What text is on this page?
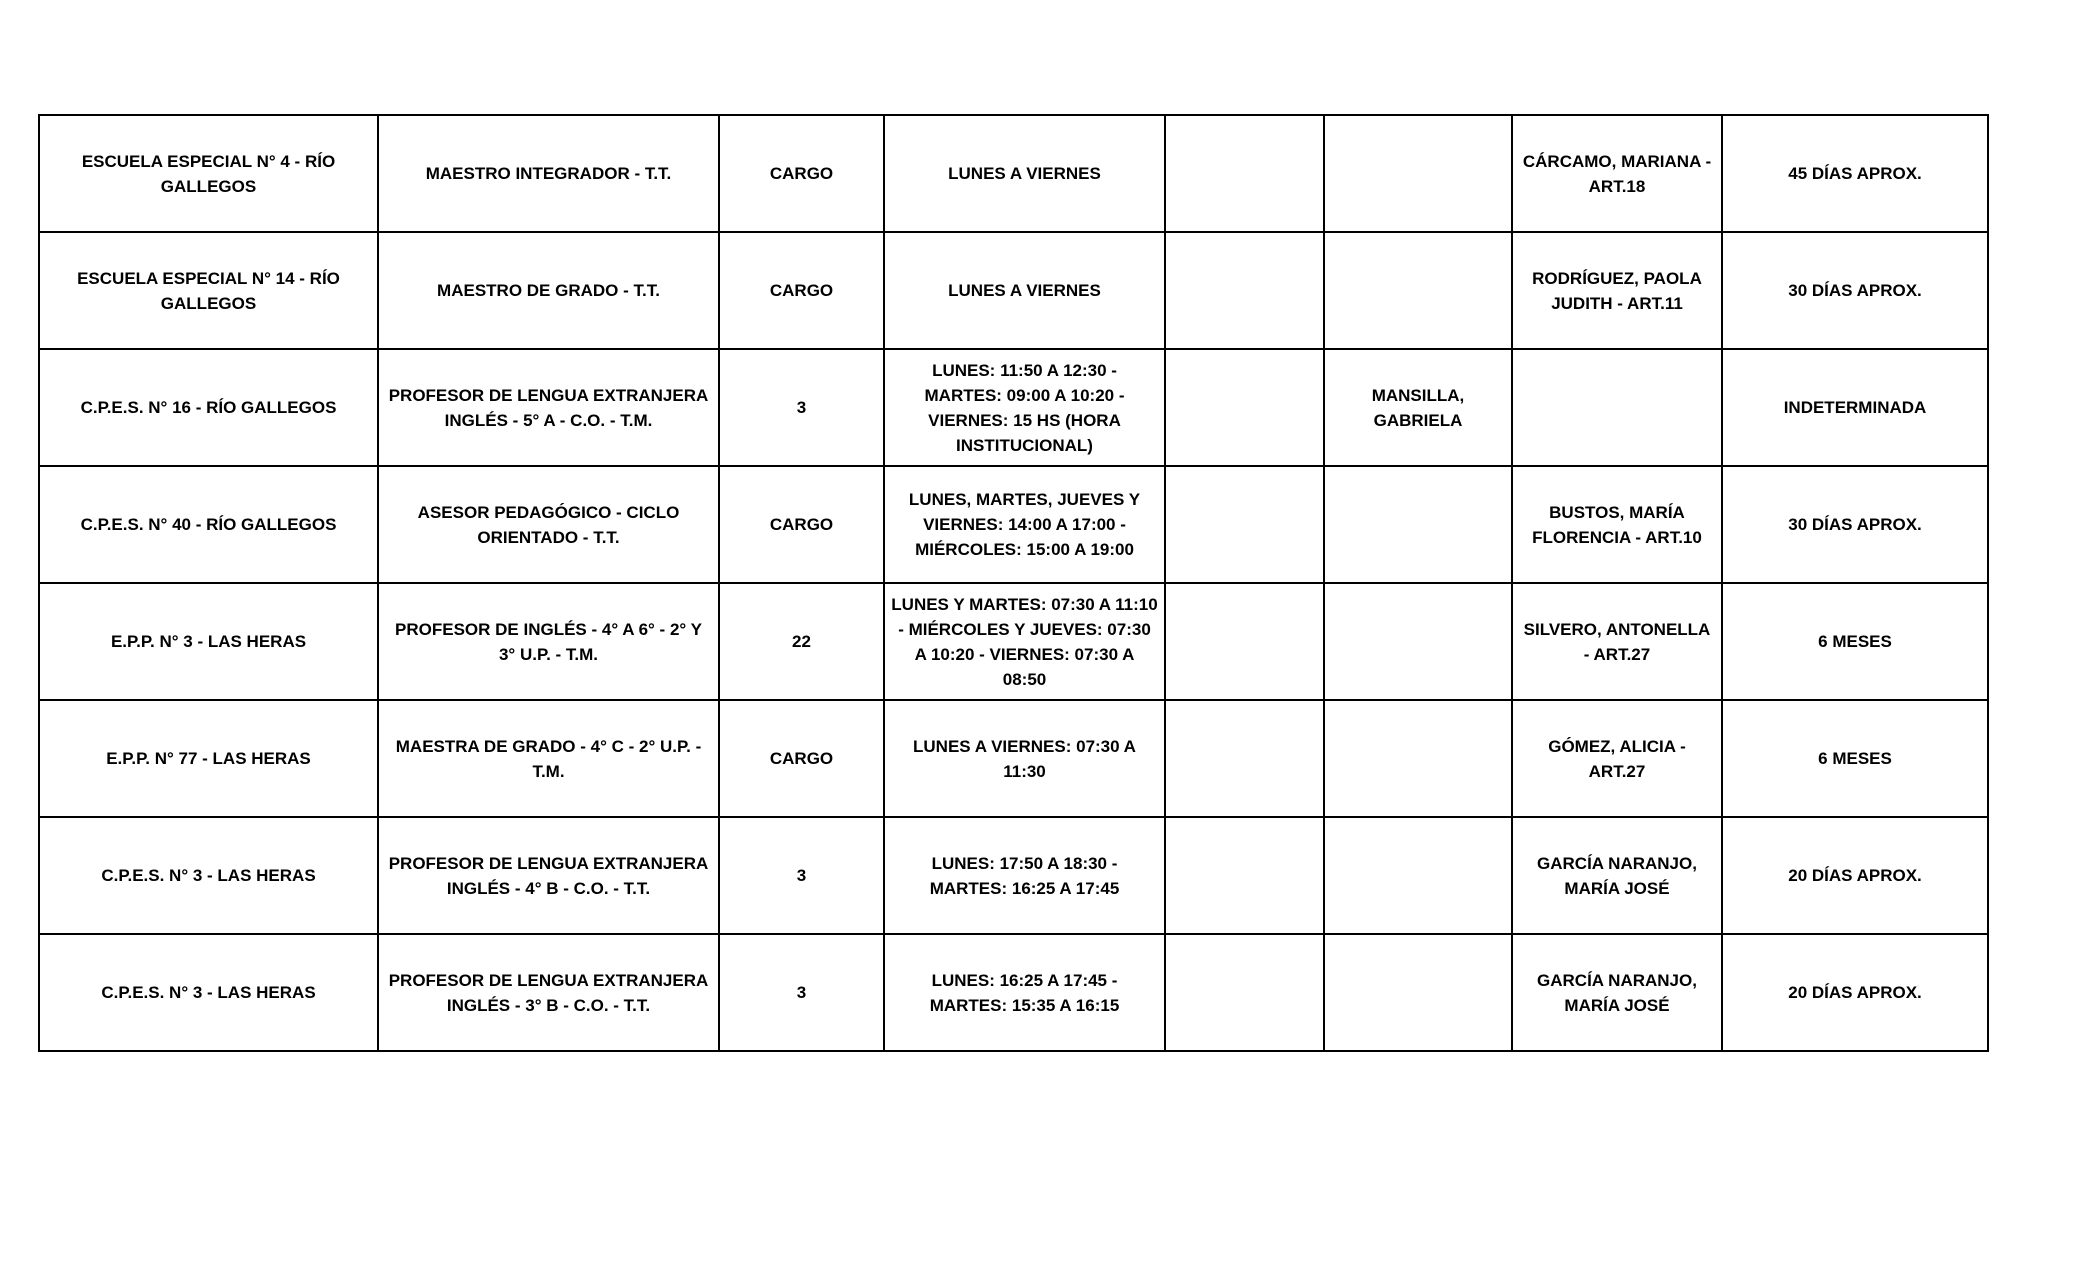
ESCUELA ESPECIAL N° 4 - RÍO GALLEGOS	MAESTRO INTEGRADOR - T.T.	CARGO	LUNES A VIERNES			CÁRCAMO, MARIANA - ART.18	45 DÍAS APROX.
ESCUELA ESPECIAL N° 14 - RÍO GALLEGOS	MAESTRO DE GRADO - T.T.	CARGO	LUNES A VIERNES			RODRÍGUEZ, PAOLA JUDITH - ART.11	30 DÍAS APROX.
C.P.E.S. N° 16 - RÍO GALLEGOS	PROFESOR DE LENGUA EXTRANJERA INGLÉS - 5° A - C.O. - T.M.	3	LUNES: 11:50 A 12:30 - MARTES: 09:00 A 10:20 - VIERNES: 15 HS (HORA INSTITUCIONAL)		MANSILLA, GABRIELA		INDETERMINADA
C.P.E.S. N° 40 - RÍO GALLEGOS	ASESOR PEDAGÓGICO - CICLO ORIENTADO - T.T.	CARGO	LUNES, MARTES, JUEVES Y VIERNES: 14:00 A 17:00 - MIÉRCOLES: 15:00 A 19:00			BUSTOS, MARÍA FLORENCIA - ART.10	30 DÍAS APROX.
E.P.P. N° 3 - LAS HERAS	PROFESOR DE INGLÉS - 4° A 6° - 2° Y 3° U.P. - T.M.	22	LUNES Y MARTES: 07:30 A 11:10 - MIÉRCOLES Y JUEVES: 07:30 A 10:20 - VIERNES: 07:30 A 08:50			SILVERO, ANTONELLA - ART.27	6 MESES
E.P.P. N° 77 - LAS HERAS	MAESTRA DE GRADO - 4° C - 2° U.P. - T.M.	CARGO	LUNES A VIERNES: 07:30 A 11:30			GÓMEZ, ALICIA - ART.27	6 MESES
C.P.E.S. N° 3 - LAS HERAS	PROFESOR DE LENGUA EXTRANJERA INGLÉS - 4° B - C.O. - T.T.	3	LUNES: 17:50 A 18:30 - MARTES: 16:25 A 17:45			GARCÍA NARANJO, MARÍA JOSÉ	20 DÍAS APROX.
C.P.E.S. N° 3 - LAS HERAS	PROFESOR DE LENGUA EXTRANJERA INGLÉS - 3° B - C.O. - T.T.	3	LUNES: 16:25 A 17:45 - MARTES: 15:35 A 16:15			GARCÍA NARANJO, MARÍA JOSÉ	20 DÍAS APROX.
